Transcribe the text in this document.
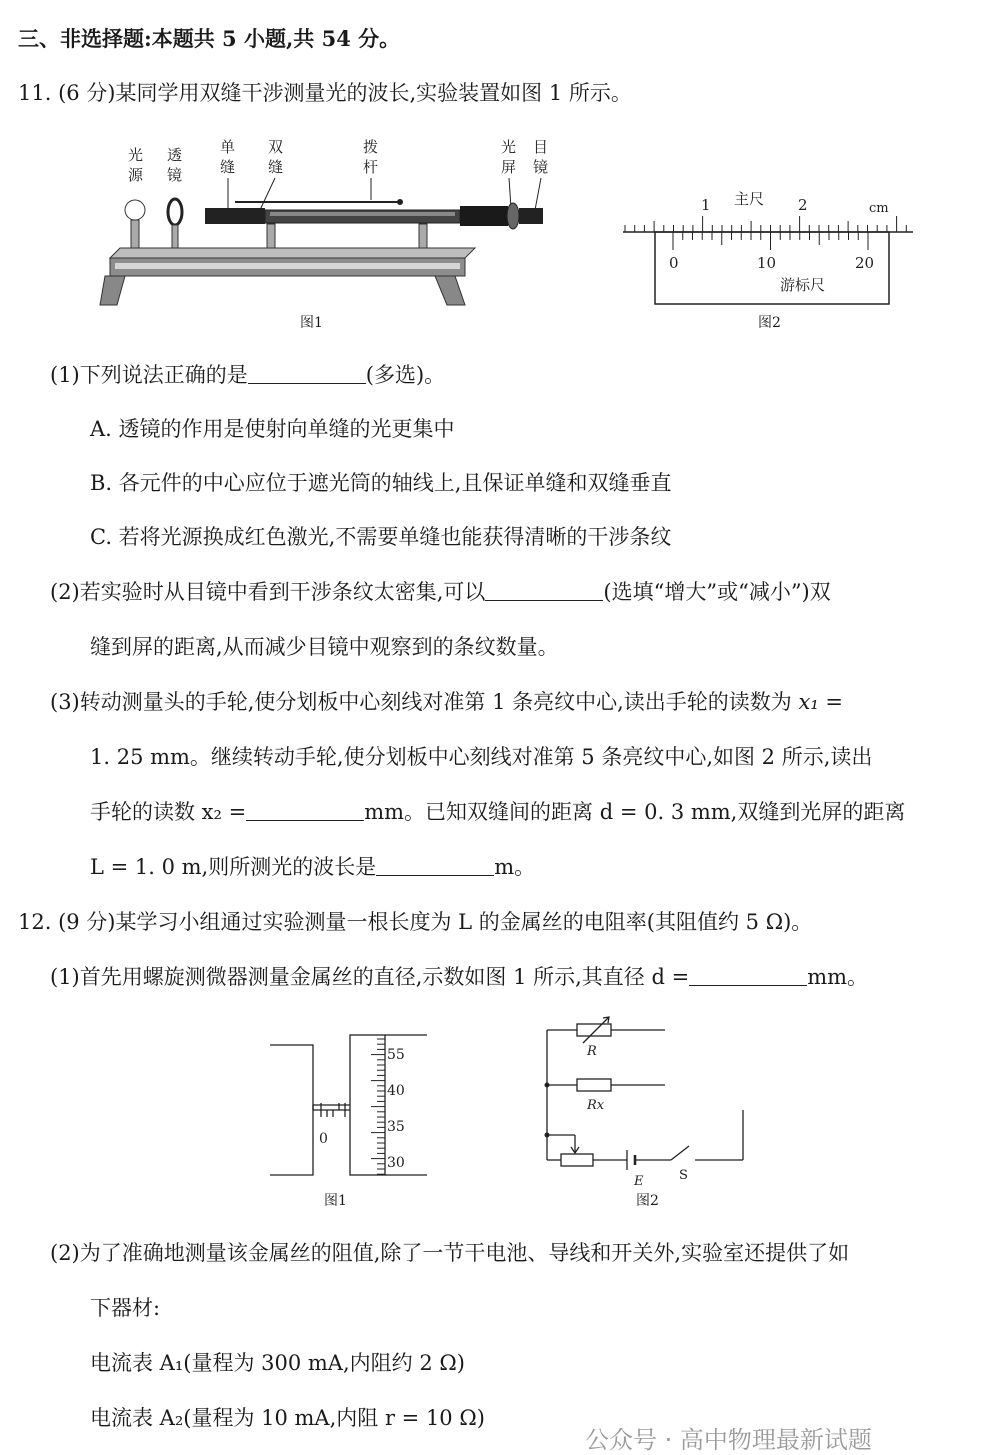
三、非选择题:本题共 5 小题,共 54 分。
11. (6 分)某同学用双缝干涉测量光的波长,实验装置如图 1 所示。
光源
透镜
单缝
双缝
拨杆
光屏
目镜
图1
主尺
1	2	cm
0	10	20
游标尺
图2
(1)下列说法正确的是	(多选)。
A. 透镜的作用是使射向单缝的光更集中
B. 各元件的中心应位于遮光筒的轴线上,且保证单缝和双缝垂直
C. 若将光源换成红色激光,不需要单缝也能获得清晰的干涉条纹
(2)若实验时从目镜中看到干涉条纹太密集,可以	(选填“增大”或“减小”)双
缝到屏的距离,从而减少目镜中观察到的条纹数量。
(3)转动测量头的手轮,使分划板中心刻线对准第 1 条亮纹中心,读出手轮的读数为 x₁ =
1. 25 mm。继续转动手轮,使分划板中心刻线对准第 5 条亮纹中心,如图 2 所示,读出
手轮的读数 x₂ =	mm。已知双缝间的距离 d = 0. 3 mm,双缝到光屏的距离
L = 1. 0 m,则所测光的波长是	m。
12. (9 分)某学习小组通过实验测量一根长度为 L 的金属丝的电阻率(其阻值约 5 Ω)。
(1)首先用螺旋测微器测量金属丝的直径,示数如图 1 所示,其直径 d =	mm。
55
40
35
30
0
图1
R
Rx
E	S
图2
(2)为了准确地测量该金属丝的阻值,除了一节干电池、导线和开关外,实验室还提供了如
下器材:
电流表 A₁(量程为 300 mA,内阻约 2 Ω)
电流表 A₂(量程为 10 mA,内阻 r = 10 Ω)
公众号 · 高中物理最新试题
